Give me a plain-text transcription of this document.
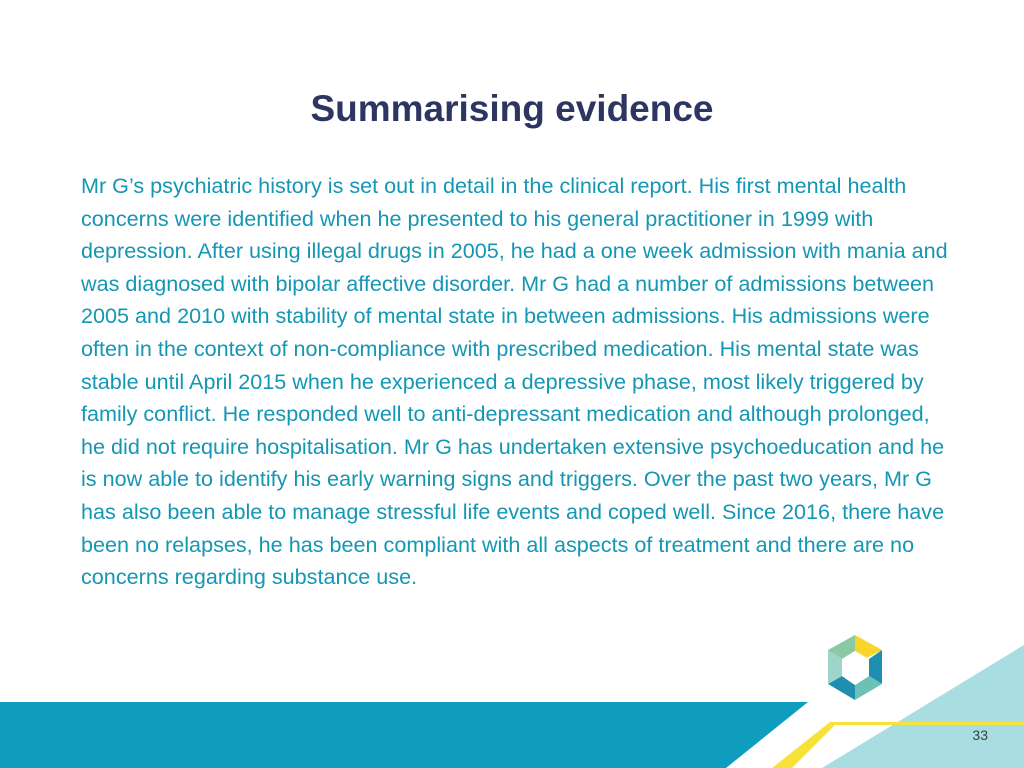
Summarising evidence

Mr G’s psychiatric history is set out in detail in the clinical report. His first mental health concerns were identified when he presented to his general practitioner in 1999 with depression. After using illegal drugs in 2005, he had a one week admission with mania and was diagnosed with bipolar affective disorder. Mr G had a number of admissions between 2005 and 2010 with stability of mental state in between admissions. His admissions were often in the context of non-compliance with prescribed medication. His mental state was stable until April 2015 when he experienced a depressive phase, most likely triggered by family conflict. He responded well to anti-depressant medication and although prolonged, he did not require hospitalisation. Mr G has undertaken extensive psychoeducation and he is now able to identify his early warning signs and triggers. Over the past two years, Mr G has also been able to manage stressful life events and coped well. Since 2016, there have been no relapses, he has been compliant with all aspects of treatment and there are no concerns regarding substance use.

33
